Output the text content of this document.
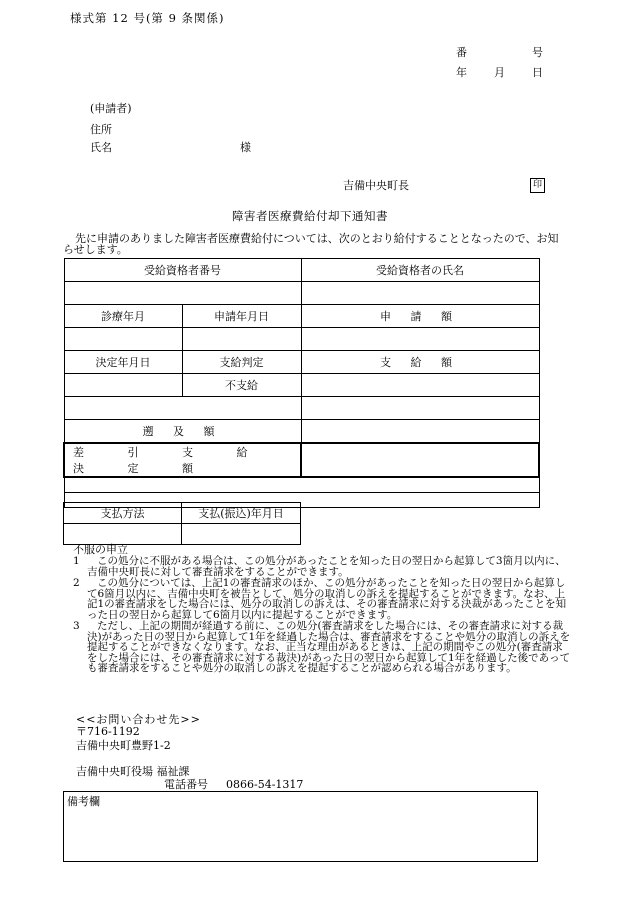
様式第 12 号(第 9 条関係)
番	号
年 月 日
(申請者)
住所
氏名	様
吉備中央町長	印
障害者医療費給付却下通知書
先に申請のありました障害者医療費給付については、次のとおり給付することとなったので、お知らせします。
受給資格者番号		受給資格者の氏名

診療年月	申請年月日	申 請 額

決定年月日	支給判定	支 給 額
	不支給	

遡 及 額		
差 引 支 給 決 定 額		

支払方法	支払(振込)年月日

不服の申立
1	この処分に不服がある場合は、この処分があったことを知った日の翌日から起算して3箇月以内に、吉備中央町長に対して審査請求をすることができます。
2	この処分については、上記1の審査請求のほか、この処分があったことを知った日の翌日から起算して6箇月以内に、吉備中央町を被告として、処分の取消しの訴えを提起することができます。なお、上記1の審査請求をした場合には、処分の取消しの訴えは、その審査請求に対する決裁があったことを知った日の翌日から起算して6箇月以内に提起することができます。
3	ただし、上記の期間が経過する前に、この処分(審査請求をした場合には、その審査請求に対する裁決)があった日の翌日から起算して1年を経過した場合は、審査請求をすることや処分の取消しの訴えを提起することができなくなります。なお、正当な理由があるときは、上記の期間やこの処分(審査請求をした場合には、その審査請求に対する裁決)があった日の翌日から起算して1年を経過した後であっても審査請求をすることや処分の取消しの訴えを提起することが認められる場合があります。
<<お問い合わせ先>>
〒716-1192
吉備中央町豊野1-2
吉備中央町役場 福祉課
電話番号 0866-54-1317
備考欄
